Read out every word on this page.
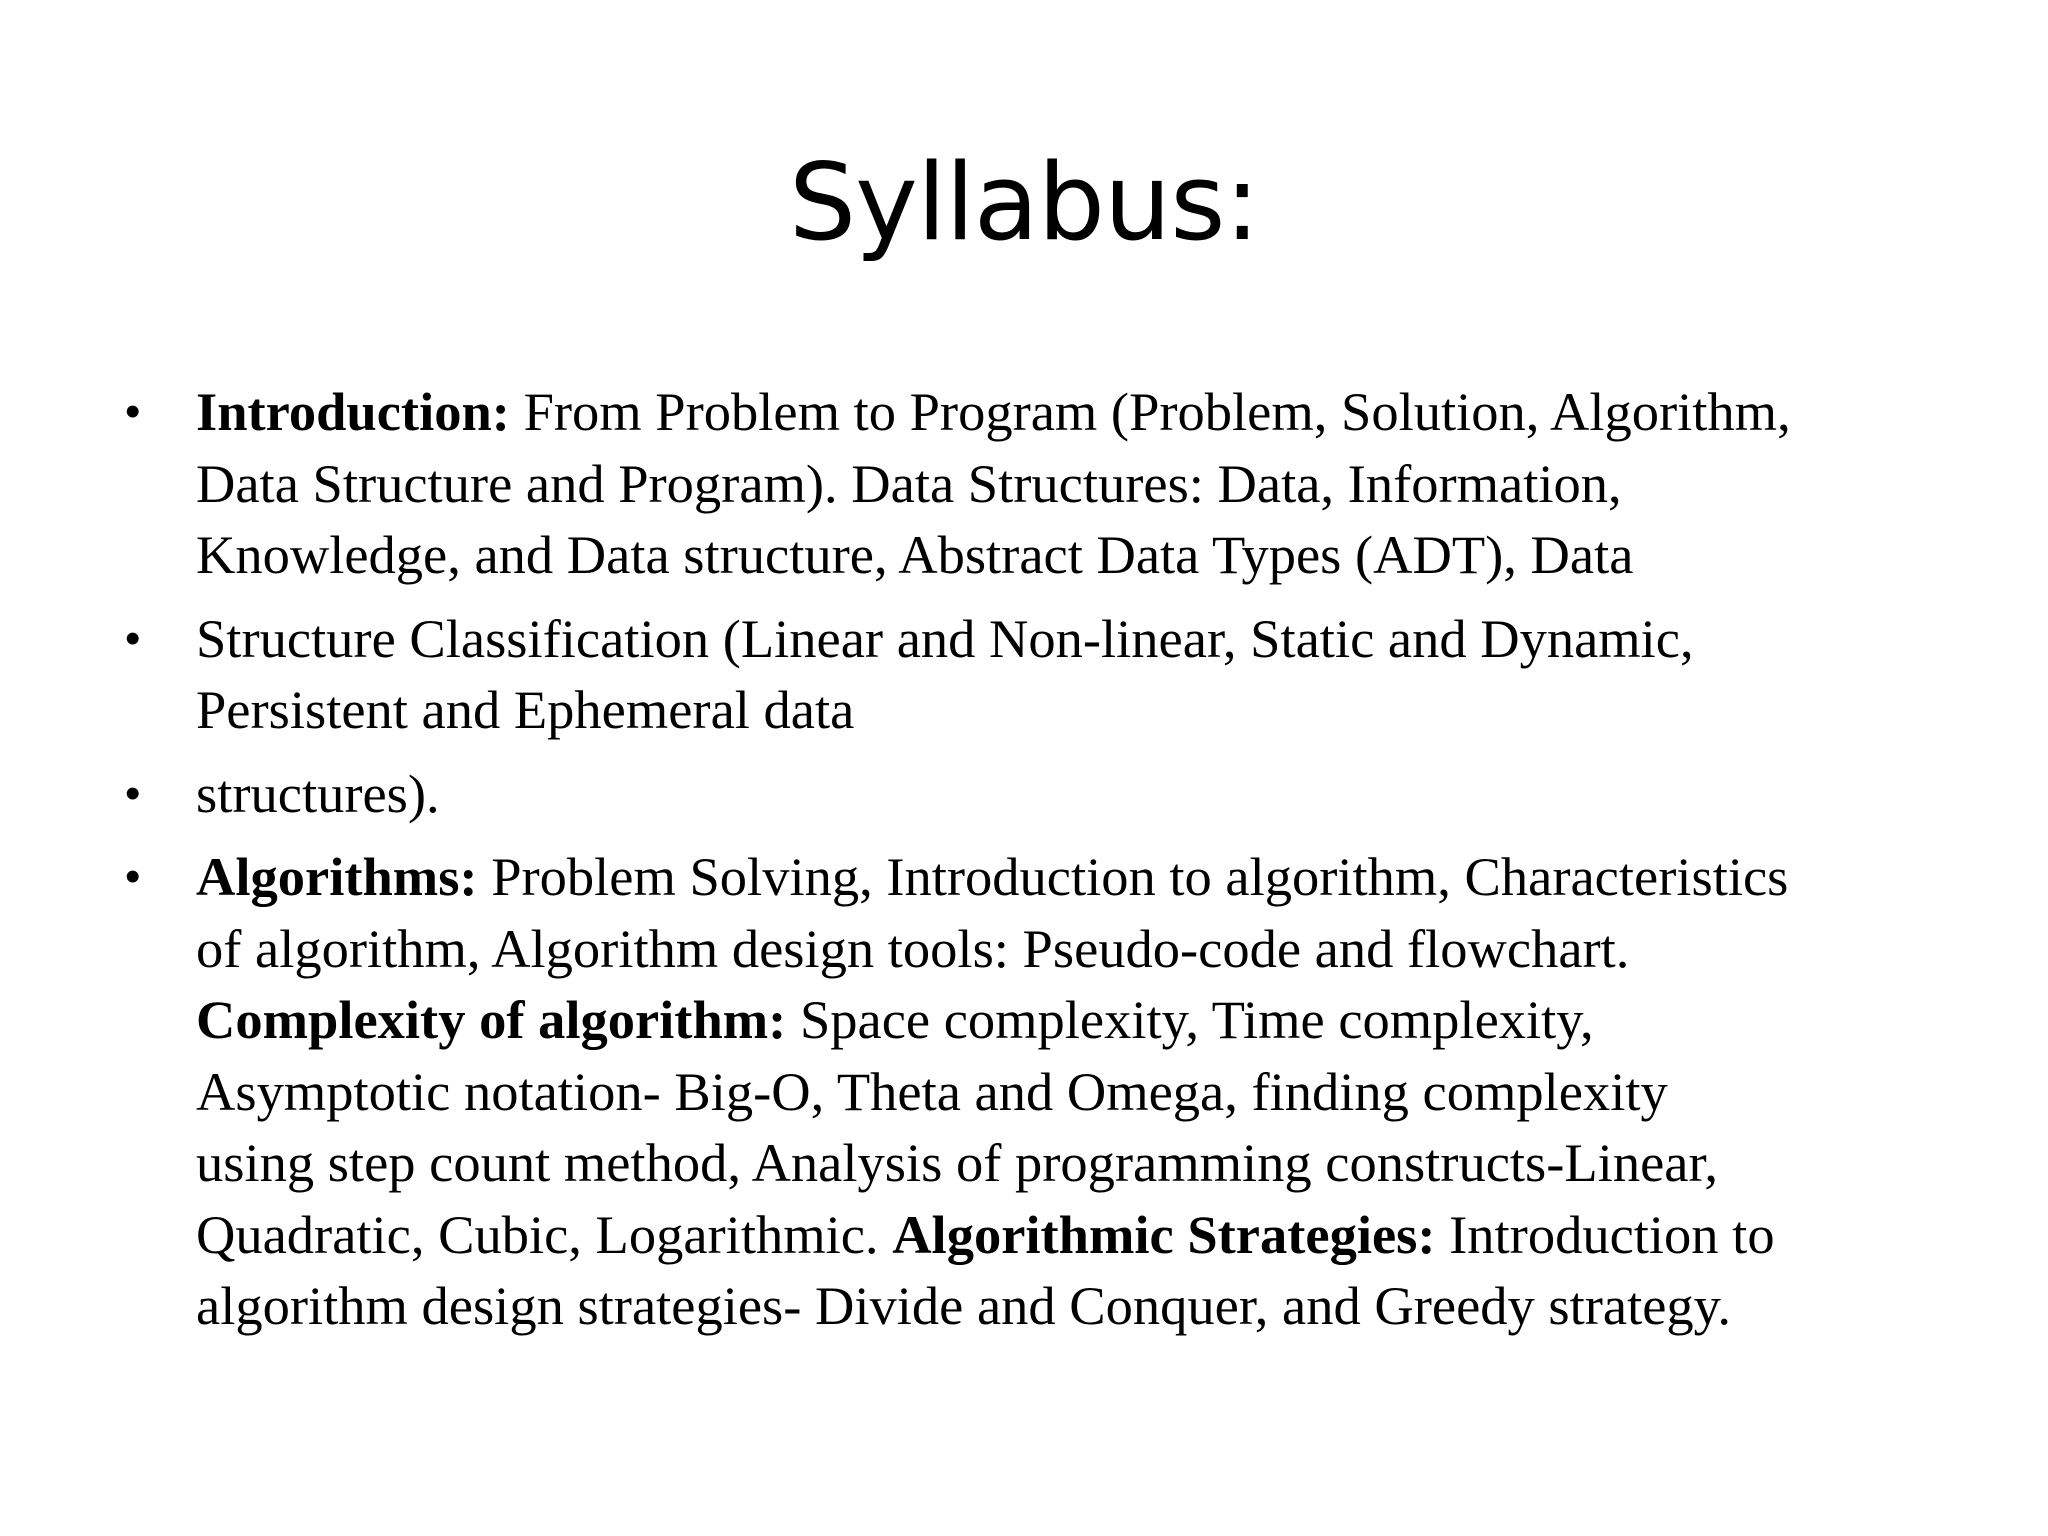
Syllabus:
• Introduction: From Problem to Program (Problem, Solution, Algorithm,
Data Structure and Program). Data Structures: Data, Information,
Knowledge, and Data structure, Abstract Data Types (ADT), Data
• Structure Classification (Linear and Non-linear, Static and Dynamic,
Persistent and Ephemeral data
• structures).
• Algorithms: Problem Solving, Introduction to algorithm, Characteristics
of algorithm, Algorithm design tools: Pseudo-code and flowchart.
Complexity of algorithm: Space complexity, Time complexity,
Asymptotic notation- Big-O, Theta and Omega, finding complexity
using step count method, Analysis of programming constructs-Linear,
Quadratic, Cubic, Logarithmic. Algorithmic Strategies: Introduction to
algorithm design strategies- Divide and Conquer, and Greedy strategy.
